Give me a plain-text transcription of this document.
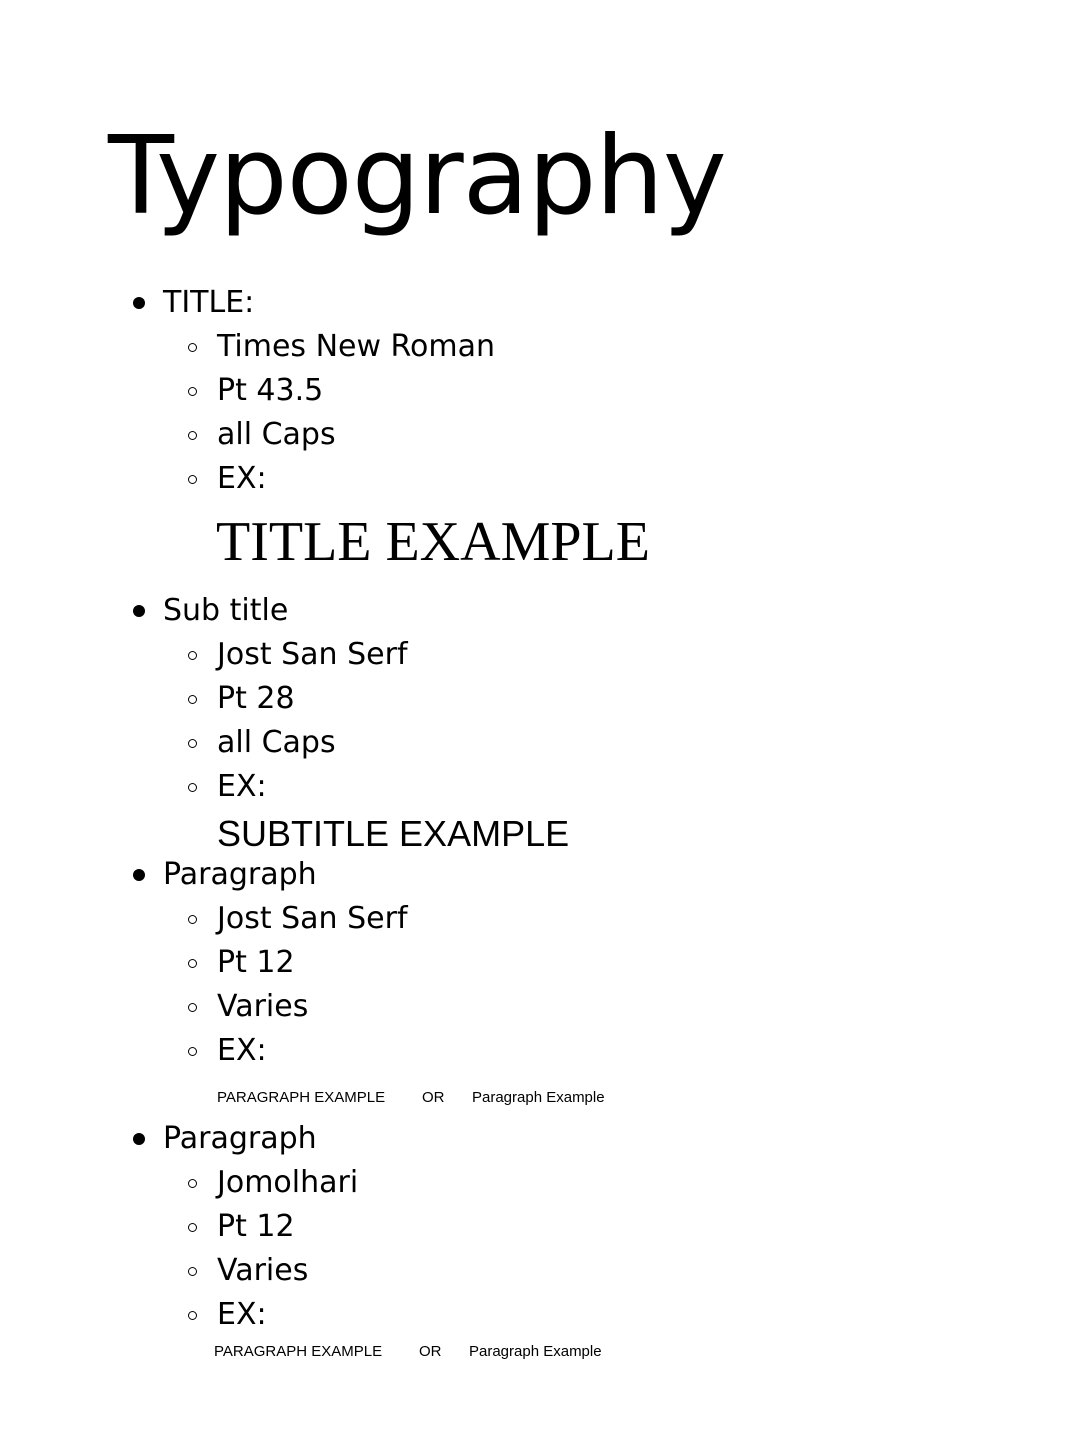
Typography
TITLE:
Times New Roman
Pt 43.5
all Caps
EX:
TITLE EXAMPLE
Sub title
Jost San Serf
Pt 28
all Caps
EX:
SUBTITLE EXAMPLE
Paragraph
Jost San Serf
Pt 12
Varies
EX:
PARAGRAPH EXAMPLE OR Paragraph Example
Paragraph
Jomolhari
Pt 12
Varies
EX:
PARAGRAPH EXAMPLE OR Paragraph Example
